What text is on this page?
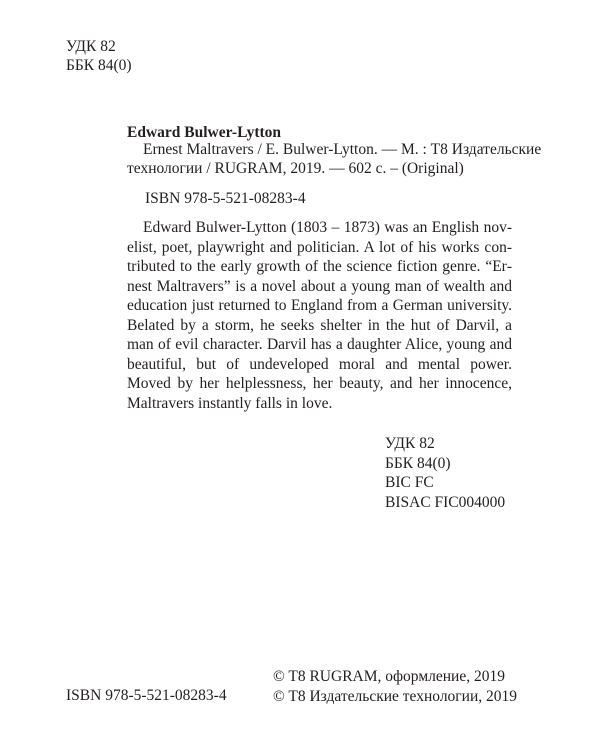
УДК 82
ББК 84(0)
Edward Bulwer-Lytton
Ernest Maltravers / E. Bulwer-Lytton. — М. : T8 Издательские
технологии / RUGRAM, 2019. — 602 с. – (Original)
ISBN 978-5-521-08283-4
Edward Bulwer-Lytton (1803 – 1873) was an English novelist, poet, playwright and politician. A lot of his works contributed to the early growth of the science fiction genre. “Ernest Maltravers” is a novel about a young man of wealth and education just returned to England from a German university. Belated by a storm, he seeks shelter in the hut of Darvil, a man of evil character. Darvil has a daughter Alice, young and beautiful, but of undeveloped moral and mental power. Moved by her helplessness, her beauty, and her innocence, Maltravers instantly falls in love.
УДК 82
ББК 84(0)
BIC FC
BISAC FIC004000
© T8 RUGRAM, оформление, 2019
© T8 Издательские технологии, 2019
ISBN 978-5-521-08283-4
